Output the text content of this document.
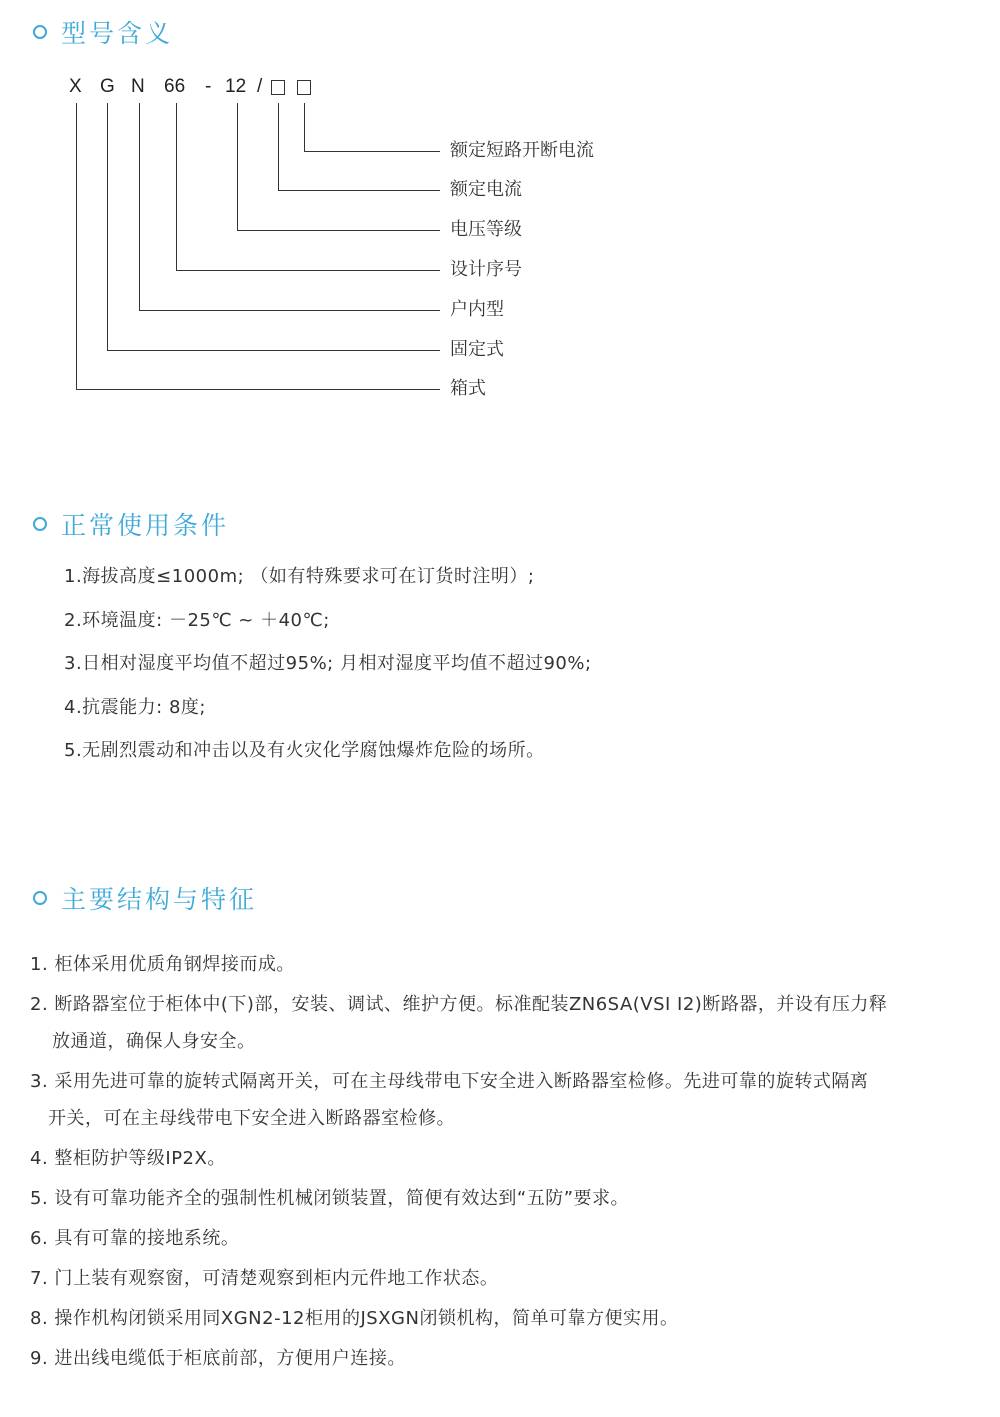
型号含义
X G N 66 - 12 /
额定短路开断电流
额定电流
电压等级
设计序号
户内型
固定式
箱式
正常使用条件
1.海拔高度≤1000m; （如有特殊要求可在订货时注明）;
2.环境温度: －25℃ ~ ＋40℃;
3.日相对湿度平均值不超过95%; 月相对湿度平均值不超过90%;
4.抗震能力: 8度;
5.无剧烈震动和冲击以及有火灾化学腐蚀爆炸危险的场所。
主要结构与特征
1. 柜体采用优质角钢焊接而成。
2. 断路器室位于柜体中(下)部，安装、调试、维护方便。标准配装ZN6SA(VSI I2)断路器，并设有压力释
放通道，确保人身安全。
3. 采用先进可靠的旋转式隔离开关，可在主母线带电下安全进入断路器室检修。先进可靠的旋转式隔离
开关，可在主母线带电下安全进入断路器室检修。
4. 整柜防护等级IP2X。
5. 设有可靠功能齐全的强制性机械闭锁装置，简便有效达到“五防”要求。
6. 具有可靠的接地系统。
7. 门上装有观察窗，可清楚观察到柜内元件地工作状态。
8. 操作机构闭锁采用同XGN2-12柜用的JSXGN闭锁机构，简单可靠方便实用。
9. 进出线电缆低于柜底前部，方便用户连接。
